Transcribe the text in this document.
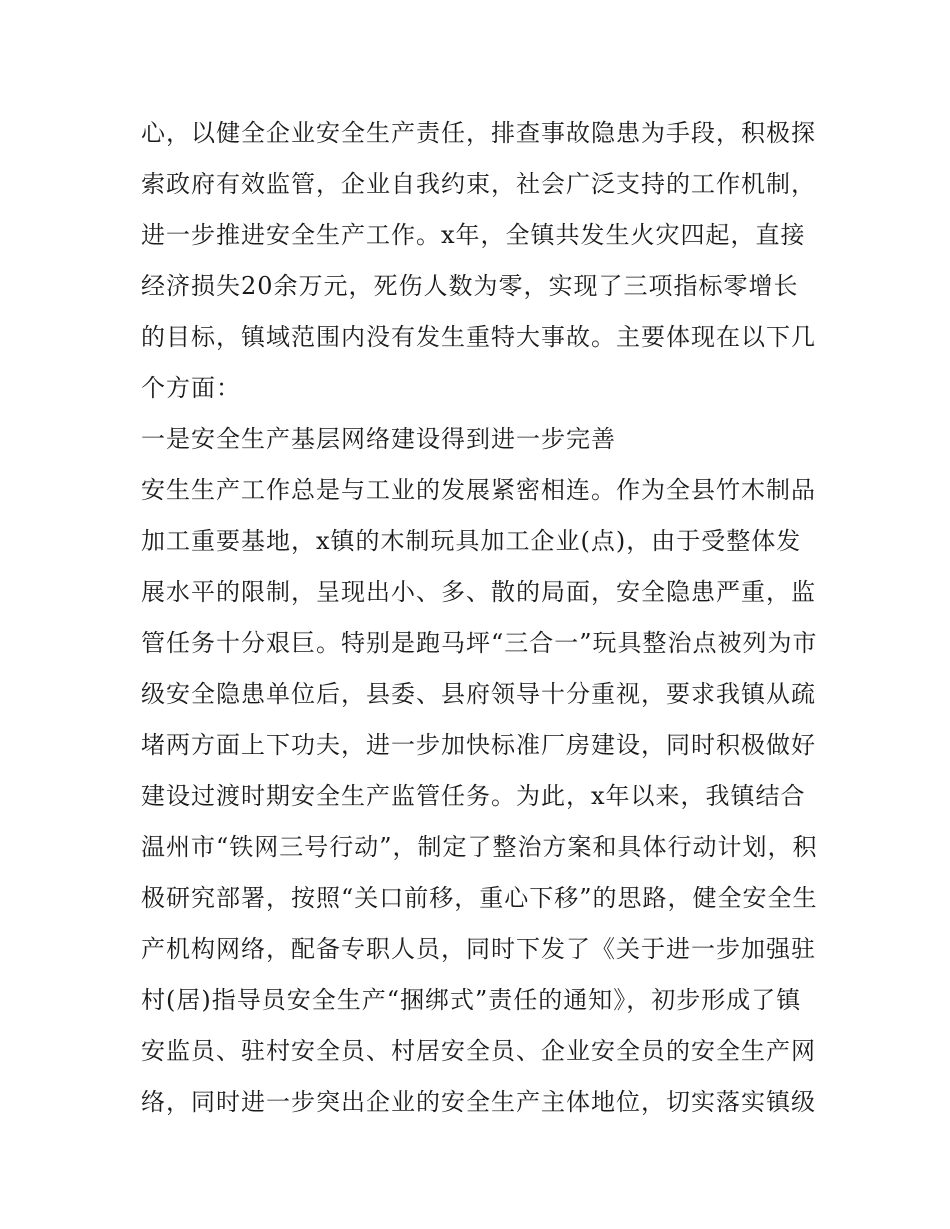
心，以健全企业安全生产责任，排查事故隐患为手段，积极探
索政府有效监管，企业自我约束，社会广泛支持的工作机制，
进一步推进安全生产工作。x年，全镇共发生火灾四起，直接
经济损失20余万元，死伤人数为零，实现了三项指标零增长
的目标，镇域范围内没有发生重特大事故。主要体现在以下几
个方面：
一是安全生产基层网络建设得到进一步完善
安生生产工作总是与工业的发展紧密相连。作为全县竹木制品
加工重要基地，x镇的木制玩具加工企业(点)，由于受整体发
展水平的限制，呈现出小、多、散的局面，安全隐患严重，监
管任务十分艰巨。特别是跑马坪“三合一”玩具整治点被列为市
级安全隐患单位后，县委、县府领导十分重视，要求我镇从疏
堵两方面上下功夫，进一步加快标准厂房建设，同时积极做好
建设过渡时期安全生产监管任务。为此，x年以来，我镇结合
温州市“铁网三号行动”，制定了整治方案和具体行动计划，积
极研究部署，按照“关口前移，重心下移”的思路，健全安全生
产机构网络，配备专职人员，同时下发了《关于进一步加强驻
村(居)指导员安全生产“捆绑式”责任的通知》，初步形成了镇
安监员、驻村安全员、村居安全员、企业安全员的安全生产网
络，同时进一步突出企业的安全生产主体地位，切实落实镇级
